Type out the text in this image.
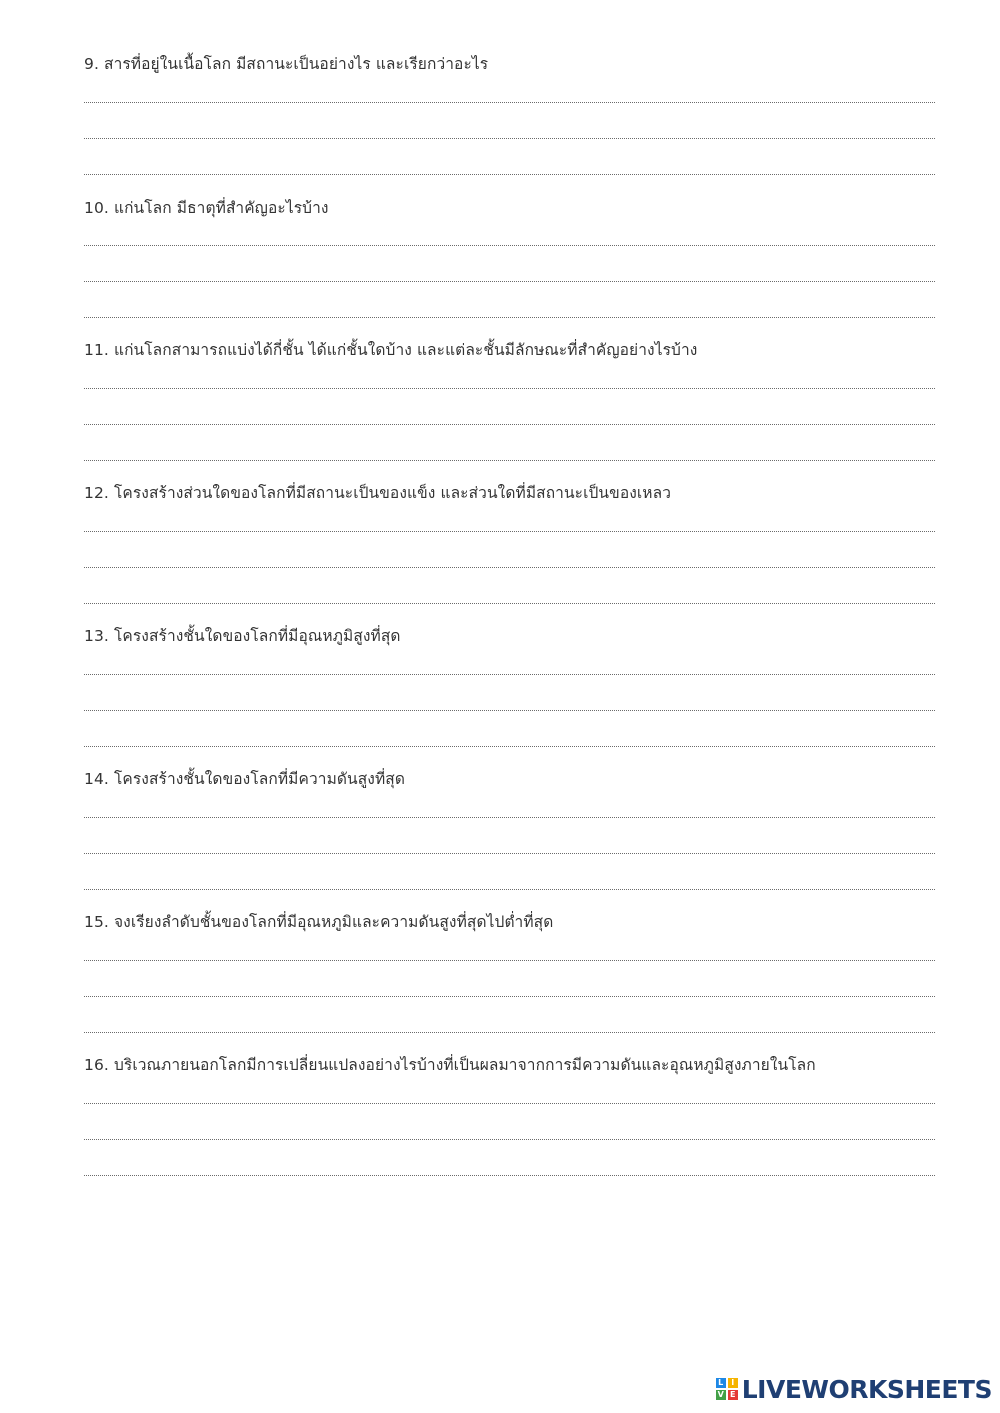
9. สารที่อยู่ในเนื้อโลก มีสถานะเป็นอย่างไร และเรียกว่าอะไร
10. แก่นโลก มีธาตุที่สำคัญอะไรบ้าง
11. แก่นโลกสามารถแบ่งได้กี่ชั้น ได้แก่ชั้นใดบ้าง และแต่ละชั้นมีลักษณะที่สำคัญอย่างไรบ้าง
12. โครงสร้างส่วนใดของโลกที่มีสถานะเป็นของแข็ง และส่วนใดที่มีสถานะเป็นของเหลว
13. โครงสร้างชั้นใดของโลกที่มีอุณหภูมิสูงที่สุด
14. โครงสร้างชั้นใดของโลกที่มีความดันสูงที่สุด
15. จงเรียงลำดับชั้นของโลกที่มีอุณหภูมิและความดันสูงที่สุดไปต่ำที่สุด
16. บริเวณภายนอกโลกมีการเปลี่ยนแปลงอย่างไรบ้างที่เป็นผลมาจากการมีความดันและอุณหภูมิสูงภายในโลก
L I
V E LIVEWORKSHEETS
